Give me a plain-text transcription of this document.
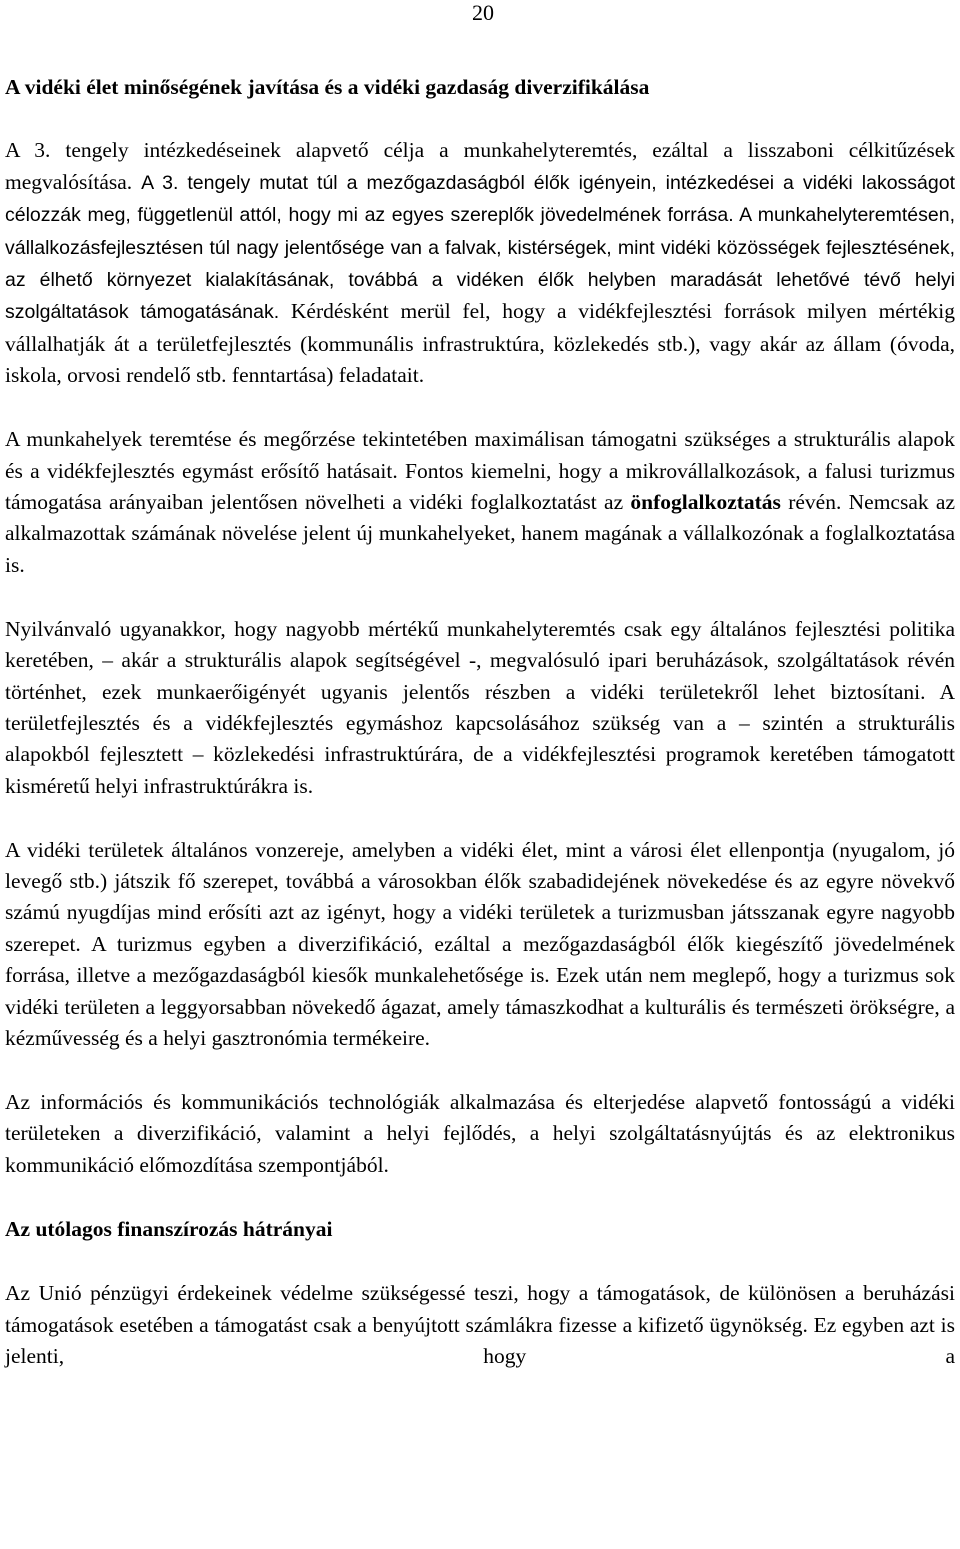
20
A vidéki élet minőségének javítása és a vidéki gazdaság diverzifikálása

A 3. tengely intézkedéseinek alapvető célja a munkahelyteremtés, ezáltal a lisszaboni célkitűzések megvalósítása. A 3. tengely mutat túl a mezőgazdaságból élők igényein, intézkedései a vidéki lakosságot célozzák meg, függetlenül attól, hogy mi az egyes szereplők jövedelmének forrása. A munkahelyteremtésen, vállalkozásfejlesztésen túl nagy jelentősége van a falvak, kistérségek, mint vidéki közösségek fejlesztésének, az élhető környezet kialakításának, továbbá a vidéken élők helyben maradását lehetővé tévő helyi szolgáltatások támogatásának. Kérdésként merül fel, hogy a vidékfejlesztési források milyen mértékig vállalhatják át a területfejlesztés (kommunális infrastruktúra, közlekedés stb.), vagy akár az állam (óvoda, iskola, orvosi rendelő stb. fenntartása) feladatait.

A munkahelyek teremtése és megőrzése tekintetében maximálisan támogatni szükséges a strukturális alapok és a vidékfejlesztés egymást erősítő hatásait. Fontos kiemelni, hogy a mikrovállalkozások, a falusi turizmus támogatása arányaiban jelentősen növelheti a vidéki foglalkoztatást az önfoglalkoztatás révén. Nemcsak az alkalmazottak számának növelése jelent új munkahelyeket, hanem magának a vállalkozónak a foglalkoztatása is.

Nyilvánvaló ugyanakkor, hogy nagyobb mértékű munkahelyteremtés csak egy általános fejlesztési politika keretében, – akár a strukturális alapok segítségével -, megvalósuló ipari beruházások, szolgáltatások révén történhet, ezek munkaerőigényét ugyanis jelentős részben a vidéki területekről lehet biztosítani. A területfejlesztés és a vidékfejlesztés egymáshoz kapcsolásához szükség van a – szintén a strukturális alapokból fejlesztett – közlekedési infrastruktúrára, de a vidékfejlesztési programok keretében támogatott kisméretű helyi infrastruktúrákra is.

A vidéki területek általános vonzereje, amelyben a vidéki élet, mint a városi élet ellenpontja (nyugalom, jó levegő stb.) játszik fő szerepet, továbbá a városokban élők szabadidejének növekedése és az egyre növekvő számú nyugdíjas mind erősíti azt az igényt, hogy a vidéki területek a turizmusban játsszanak egyre nagyobb szerepet. A turizmus egyben a diverzifikáció, ezáltal a mezőgazdaságból élők kiegészítő jövedelmének forrása, illetve a mezőgazdaságból kiesők munkalehetősége is. Ezek után nem meglepő, hogy a turizmus sok vidéki területen a leggyorsabban növekedő ágazat, amely támaszkodhat a kulturális és természeti örökségre, a kézművesség és a helyi gasztronómia termékeire.

Az információs és kommunikációs technológiák alkalmazása és elterjedése alapvető fontosságú a vidéki területeken a diverzifikáció, valamint a helyi fejlődés, a helyi szolgáltatásnyújtás és az elektronikus kommunikáció előmozdítása szempontjából.

Az utólagos finanszírozás hátrányai

Az Unió pénzügyi érdekeinek védelme szükségessé teszi, hogy a támogatások, de különösen a beruházási támogatások esetében a támogatást csak a benyújtott számlákra fizesse a kifizető ügynökség. Ez egyben azt is jelenti, hogy a
